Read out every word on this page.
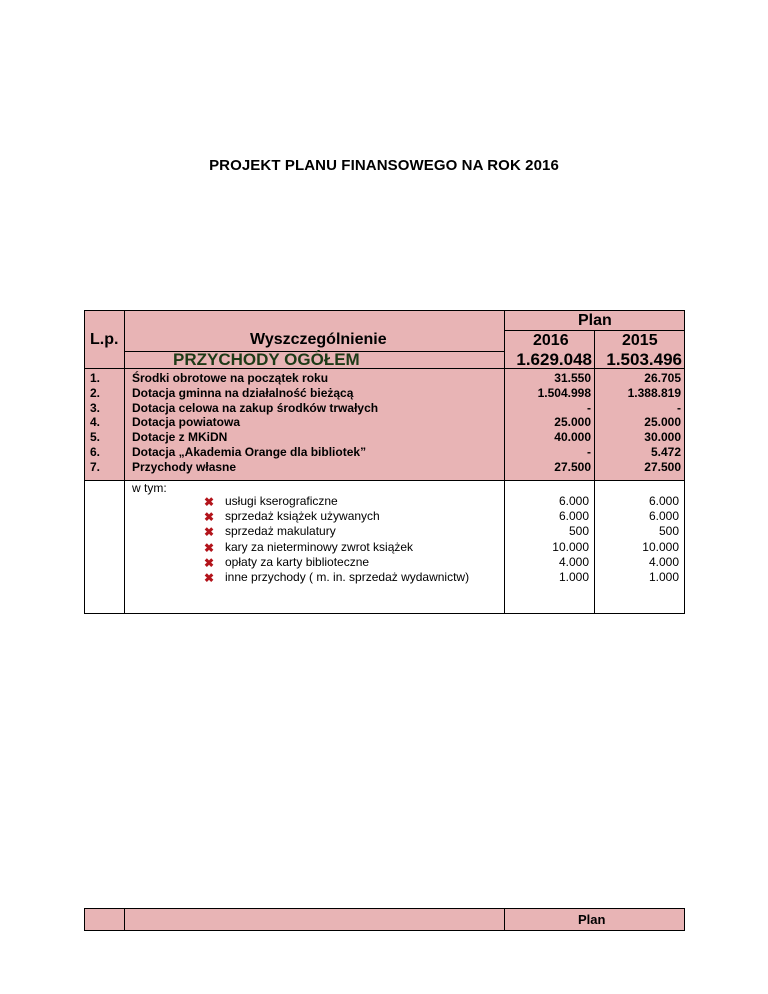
PROJEKT PLANU FINANSOWEGO NA ROK 2016
L.p.	Wyszczególnienie
Plan
2016	2015
PRZYCHODY OGÓŁEM	1.629.048 1.503.496
1.	Środki obrotowe na początek roku	31.550	26.705
2.	Dotacja gminna na działalność bieżącą	1.504.998	1.388.819
3.	Dotacja celowa na zakup środków trwałych	-	-
4.	Dotacja powiatowa	25.000	25.000
5.	Dotacje z MKiDN	40.000	30.000
6.	Dotacja „Akademia Orange dla bibliotek”	-	5.472
7.	Przychody własne	27.500	27.500
w tym:
✖ usługi kserograficzne	6.000	6.000
✖ sprzedaż książek używanych	6.000	6.000
✖ sprzedaż makulatury	500	500
✖ kary za nieterminowy zwrot książek	10.000	10.000
✖ opłaty za karty biblioteczne	4.000	4.000
✖ inne przychody ( m. in. sprzedaż wydawnictw)	1.000	1.000
Plan
